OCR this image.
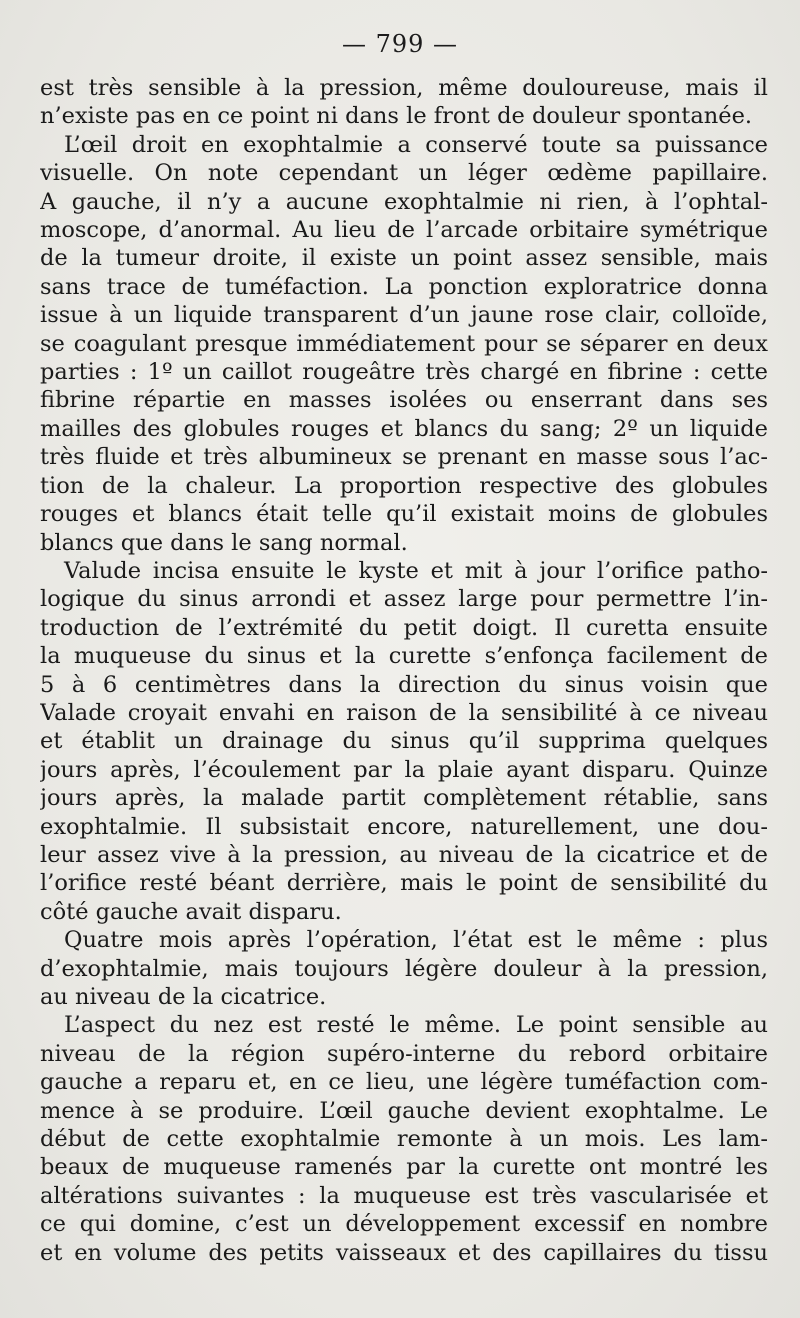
— 799 —
est très sensible à la pression, même douloureuse, mais il
n’existe pas en ce point ni dans le front de douleur spontanée.
L’œil droit en exophtalmie a conservé toute sa puissance
visuelle. On note cependant un léger œdème papillaire.
A gauche, il n’y a aucune exophtalmie ni rien, à l’ophtal-
moscope, d’anormal. Au lieu de l’arcade orbitaire symétrique
de la tumeur droite, il existe un point assez sensible, mais
sans trace de tuméfaction. La ponction exploratrice donna
issue à un liquide transparent d’un jaune rose clair, colloïde,
se coagulant presque immédiatement pour se séparer en deux
parties : 1º un caillot rougeâtre très chargé en fibrine : cette
fibrine répartie en masses isolées ou enserrant dans ses
mailles des globules rouges et blancs du sang; 2º un liquide
très fluide et très albumineux se prenant en masse sous l’ac-
tion de la chaleur. La proportion respective des globules
rouges et blancs était telle qu’il existait moins de globules
blancs que dans le sang normal.
Valude incisa ensuite le kyste et mit à jour l’orifice patho-
logique du sinus arrondi et assez large pour permettre l’in-
troduction de l’extrémité du petit doigt. Il curetta ensuite
la muqueuse du sinus et la curette s’enfonça facilement de
5 à 6 centimètres dans la direction du sinus voisin que
Valade croyait envahi en raison de la sensibilité à ce niveau
et établit un drainage du sinus qu’il supprima quelques
jours après, l’écoulement par la plaie ayant disparu. Quinze
jours après, la malade partit complètement rétablie, sans
exophtalmie. Il subsistait encore, naturellement, une dou-
leur assez vive à la pression, au niveau de la cicatrice et de
l’orifice resté béant derrière, mais le point de sensibilité du
côté gauche avait disparu.
Quatre mois après l’opération, l’état est le même : plus
d’exophtalmie, mais toujours légère douleur à la pression,
au niveau de la cicatrice.
L’aspect du nez est resté le même. Le point sensible au
niveau de la région supéro-interne du rebord orbitaire
gauche a reparu et, en ce lieu, une légère tuméfaction com-
mence à se produire. L’œil gauche devient exophtalme. Le
début de cette exophtalmie remonte à un mois. Les lam-
beaux de muqueuse ramenés par la curette ont montré les
altérations suivantes : la muqueuse est très vascularisée et
ce qui domine, c’est un développement excessif en nombre
et en volume des petits vaisseaux et des capillaires du tissu
